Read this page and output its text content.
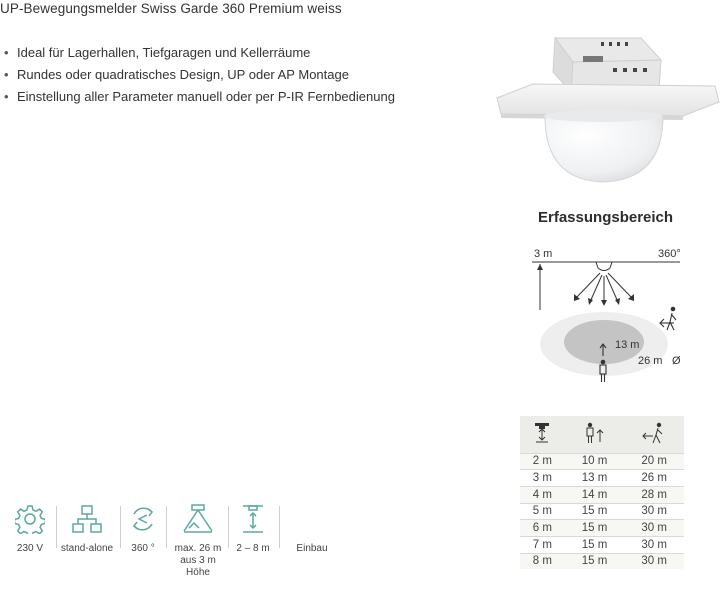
UP-Bewegungsmelder Swiss Garde 360 Premium weiss
• Ideal für Lagerhallen, Tiefgaragen und Kellerräume
• Rundes oder quadratisches Design, UP oder AP Montage
• Einstellung aller Parameter manuell oder per P-IR Fernbedienung
Erfassungsbereich
3 m	360°
13 m
26 m Ø

2 m	10 m	20 m
3 m	13 m	26 m
4 m	14 m	28 m
5 m	15 m	30 m
6 m	15 m	30 m
7 m	15 m	30 m
8 m	15 m	30 m
230 V	stand-alone	360 °	max. 26 m aus 3 m Höhe
2 – 8 m	Einbau
